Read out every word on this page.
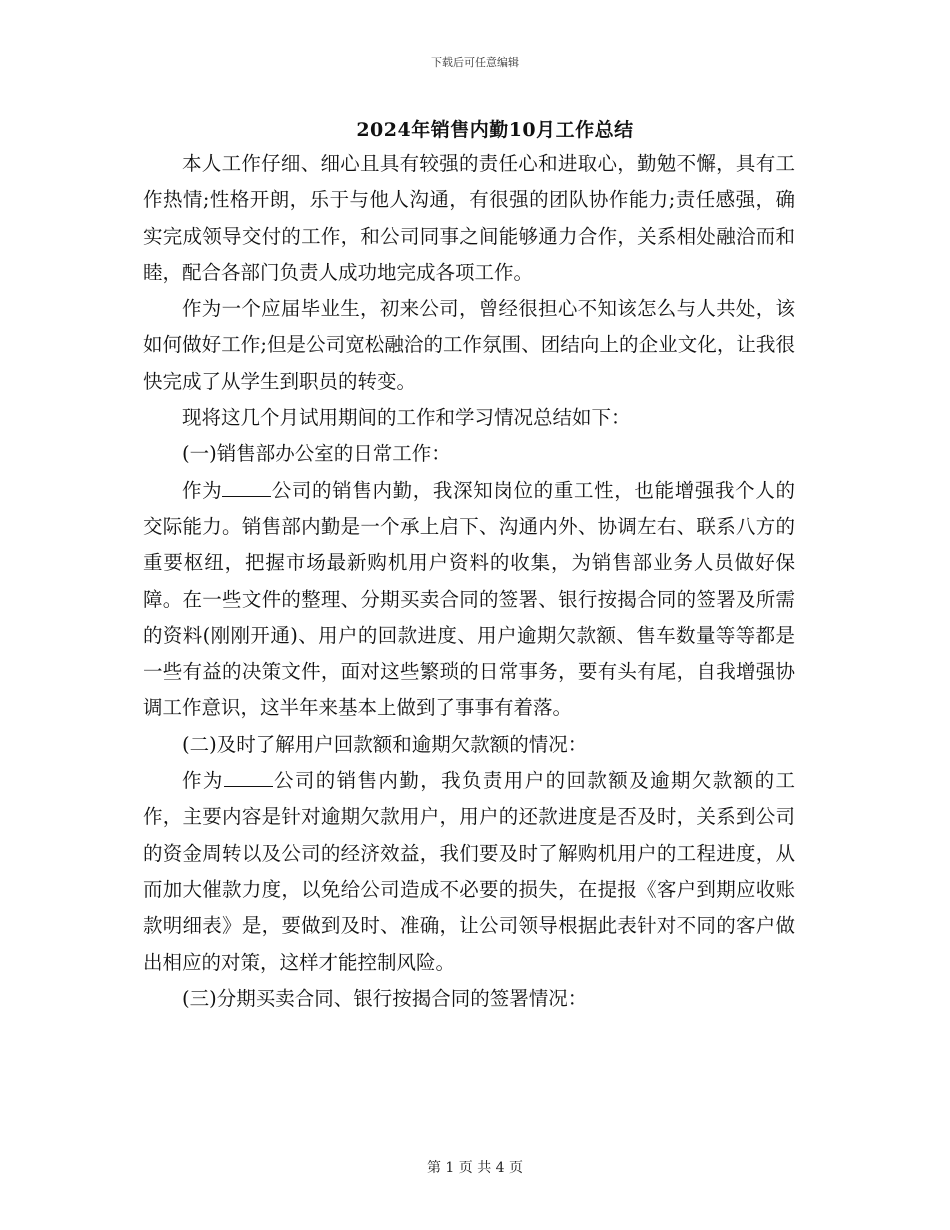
下载后可任意编辑
2024年销售内勤10月工作总结

本人工作仔细、细心且具有较强的责任心和进取心，勤勉不懈，具有工作热情;性格开朗，乐于与他人沟通，有很强的团队协作能力;责任感强，确实完成领导交付的工作，和公司同事之间能够通力合作，关系相处融洽而和睦，配合各部门负责人成功地完成各项工作。

作为一个应届毕业生，初来公司，曾经很担心不知该怎么与人共处，该如何做好工作;但是公司宽松融洽的工作氛围、团结向上的企业文化，让我很快完成了从学生到职员的转变。

现将这几个月试用期间的工作和学习情况总结如下：

(一)销售部办公室的日常工作：

作为	公司的销售内勤，我深知岗位的重工性，也能增强我个人的交际能力。销售部内勤是一个承上启下、沟通内外、协调左右、联系八方的重要枢纽，把握市场最新购机用户资料的收集，为销售部业务人员做好保障。在一些文件的整理、分期买卖合同的签署、银行按揭合同的签署及所需的资料(刚刚开通)、用户的回款进度、用户逾期欠款额、售车数量等等都是一些有益的决策文件，面对这些繁琐的日常事务，要有头有尾，自我增强协调工作意识，这半年来基本上做到了事事有着落。

(二)及时了解用户回款额和逾期欠款额的情况：

作为	公司的销售内勤，我负责用户的回款额及逾期欠款额的工作，主要内容是针对逾期欠款用户，用户的还款进度是否及时，关系到公司的资金周转以及公司的经济效益，我们要及时了解购机用户的工程进度，从而加大催款力度，以免给公司造成不必要的损失，在提报《客户到期应收账款明细表》是，要做到及时、准确，让公司领导根据此表针对不同的客户做出相应的对策，这样才能控制风险。

(三)分期买卖合同、银行按揭合同的签署情况：

第 1 页 共 4 页
